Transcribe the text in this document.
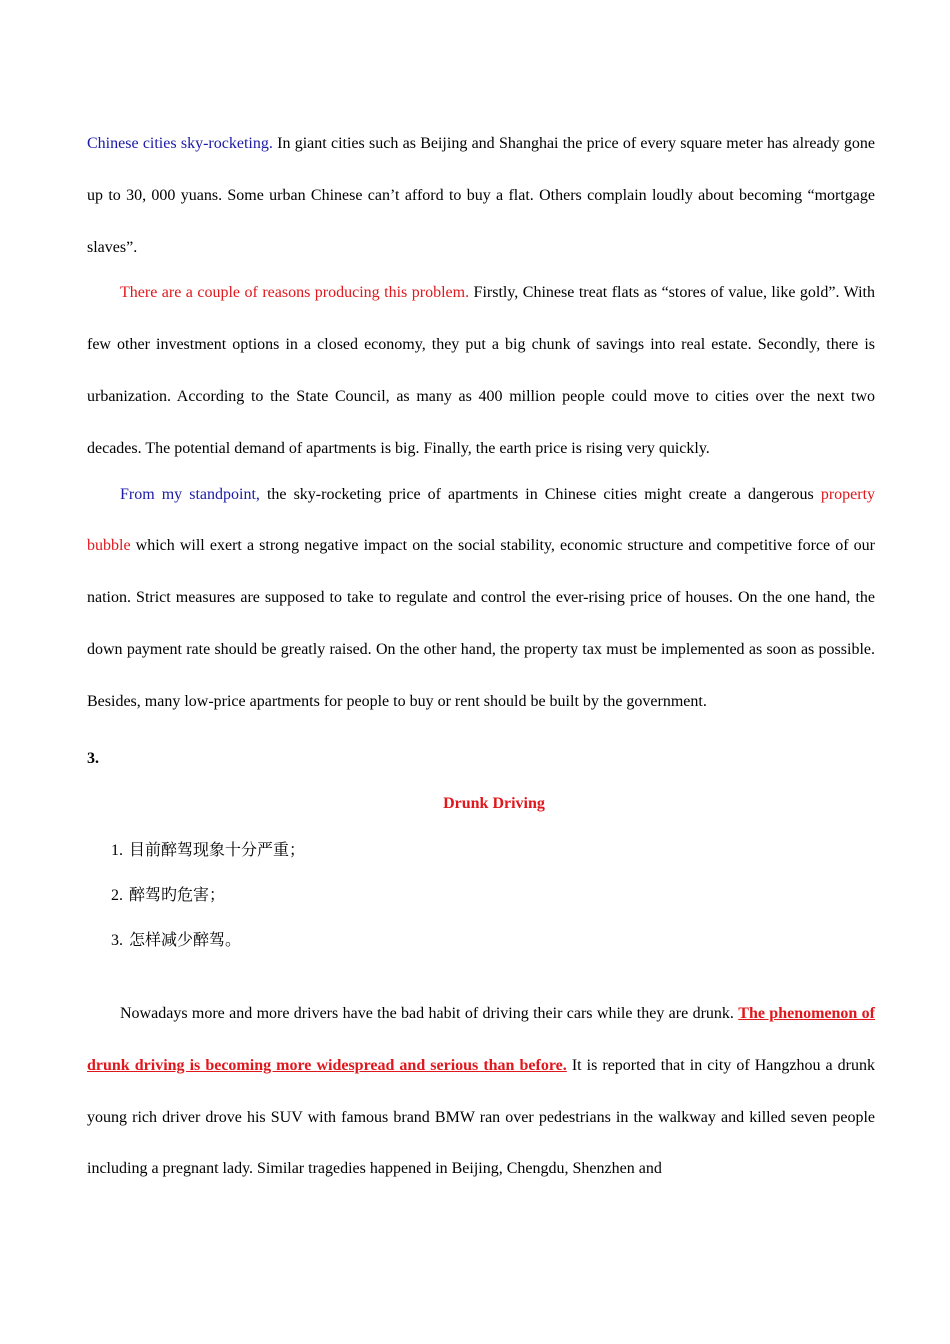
Chinese cities sky-rocketing. In giant cities such as Beijing and Shanghai the price of every square meter has already gone up to 30, 000 yuans. Some urban Chinese can’t afford to buy a flat. Others complain loudly about becoming “mortgage slaves”.

There are a couple of reasons producing this problem. Firstly, Chinese treat flats as “stores of value, like gold”. With few other investment options in a closed economy, they put a big chunk of savings into real estate. Secondly, there is urbanization. According to the State Council, as many as 400 million people could move to cities over the next two decades. The potential demand of apartments is big. Finally, the earth price is rising very quickly.

From my standpoint, the sky-rocketing price of apartments in Chinese cities might create a dangerous property bubble which will exert a strong negative impact on the social stability, economic structure and competitive force of our nation. Strict measures are supposed to take to regulate and control the ever-rising price of houses. On the one hand, the down payment rate should be greatly raised. On the other hand, the property tax must be implemented as soon as possible. Besides, many low-price apartments for people to buy or rent should be built by the government.

3.

Drunk Driving

1. 目前醉驾现象十分严重；
2. 醉驾旳危害；
3. 怎样减少醉驾。

Nowadays more and more drivers have the bad habit of driving their cars while they are drunk. The phenomenon of drunk driving is becoming more widespread and serious than before. It is reported that in city of Hangzhou a drunk young rich driver drove his SUV with famous brand BMW ran over pedestrians in the walkway and killed seven people including a pregnant lady. Similar tragedies happened in Beijing, Chengdu, Shenzhen and
